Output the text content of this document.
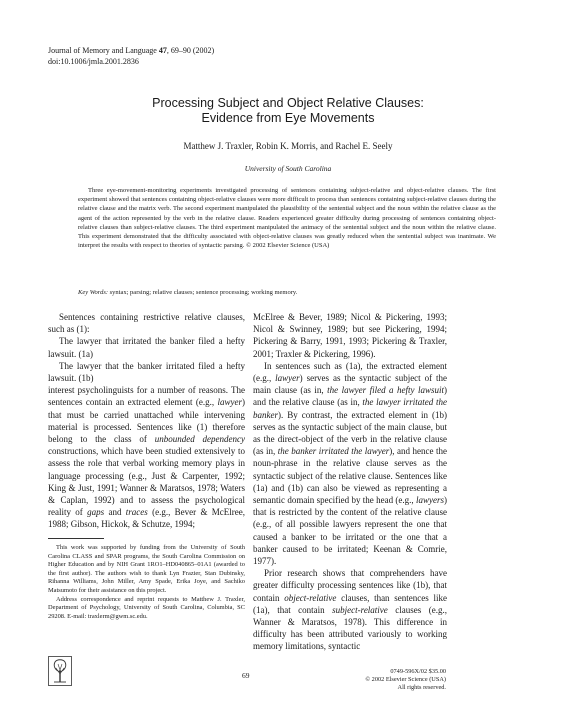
Journal of Memory and Language 47, 69–90 (2002)
doi:10.1006/jmla.2001.2836
Processing Subject and Object Relative Clauses:
Evidence from Eye Movements
Matthew J. Traxler, Robin K. Morris, and Rachel E. Seely
University of South Carolina

Three eye-movement-monitoring experiments investigated processing of sentences containing subject-relative and object-relative clauses. The first experiment showed that sentences containing object-relative clauses were more difficult to process than sentences containing subject-relative clauses during the relative clause and the matrix verb. The second experiment manipulated the plausibility of the sentential subject and the noun within the relative clause as the agent of the action represented by the verb in the relative clause. Readers experienced greater difficulty during processing of sentences containing object-relative clauses than subject-relative clauses. The third experiment manipulated the animacy of the sentential subject and the noun within the relative clause. This experiment demonstrated that the difficulty associated with object-relative clauses was greatly reduced when the sentential subject was inanimate. We interpret the results with respect to theories of syntactic parsing. © 2002 Elsevier Science (USA)

Key Words: syntax; parsing; relative clauses; sentence processing; working memory.

Sentences containing restrictive relative clauses, such as (1):

The lawyer that irritated the banker filed a hefty lawsuit. (1a)

The lawyer that the banker irritated filed a hefty lawsuit. (1b)

interest psycholinguists for a number of reasons. The sentences contain an extracted element (e.g., lawyer) that must be carried unattached while intervening material is processed. Sentences like (1) therefore belong to the class of unbounded dependency constructions, which have been studied extensively to assess the role that verbal working memory plays in language processing (e.g., Just & Carpenter, 1992; King & Just, 1991; Wanner & Maratsos, 1978; Waters & Caplan, 1992) and to assess the psychological reality of gaps and traces (e.g., Bever & McElree, 1988; Gibson, Hickok, & Schutze, 1994;

This work was supported by funding from the University of South Carolina CLASS and SPAR programs, the South Carolina Commission on Higher Education and by NIH Grant 1RO1–HD040865–01A1 (awarded to the first author). The authors wish to thank Lyn Frazier, Stan Dubinsky, Rihanna Williams, John Miller, Amy Spade, Erika Joye, and Sachiko Matsumoto for their assistance on this project.

Address correspondence and reprint requests to Matthew J. Traxler, Department of Psychology, University of South Carolina, Columbia, SC 29208. E-mail: traxlerm@gwm.sc.edu.

McElree & Bever, 1989; Nicol & Pickering, 1993; Nicol & Swinney, 1989; but see Pickering, 1994; Pickering & Barry, 1991, 1993; Pickering & Traxler, 2001; Traxler & Pickering, 1996).

In sentences such as (1a), the extracted element (e.g., lawyer) serves as the syntactic subject of the main clause (as in, the lawyer filed a hefty lawsuit) and the relative clause (as in, the lawyer irritated the banker). By contrast, the extracted element in (1b) serves as the syntactic subject of the main clause, but as the direct-object of the verb in the relative clause (as in, the banker irritated the lawyer), and hence the noun-phrase in the relative clause serves as the syntactic subject of the relative clause. Sentences like (1a) and (1b) can also be viewed as representing a semantic domain specified by the head (e.g., lawyers) that is restricted by the content of the relative clause (e.g., of all possible lawyers represent the one that caused a banker to be irritated or the one that a banker caused to be irritated; Keenan & Comrie, 1977).

Prior research shows that comprehenders have greater difficulty processing sentences like (1b), that contain object-relative clauses, than sentences like (1a), that contain subject-relative clauses (e.g., Wanner & Maratsos, 1978). This difference in difficulty has been attributed variously to working memory limitations, syntactic

69	0749-596X/02 $35.00
© 2002 Elsevier Science (USA)
All rights reserved.
